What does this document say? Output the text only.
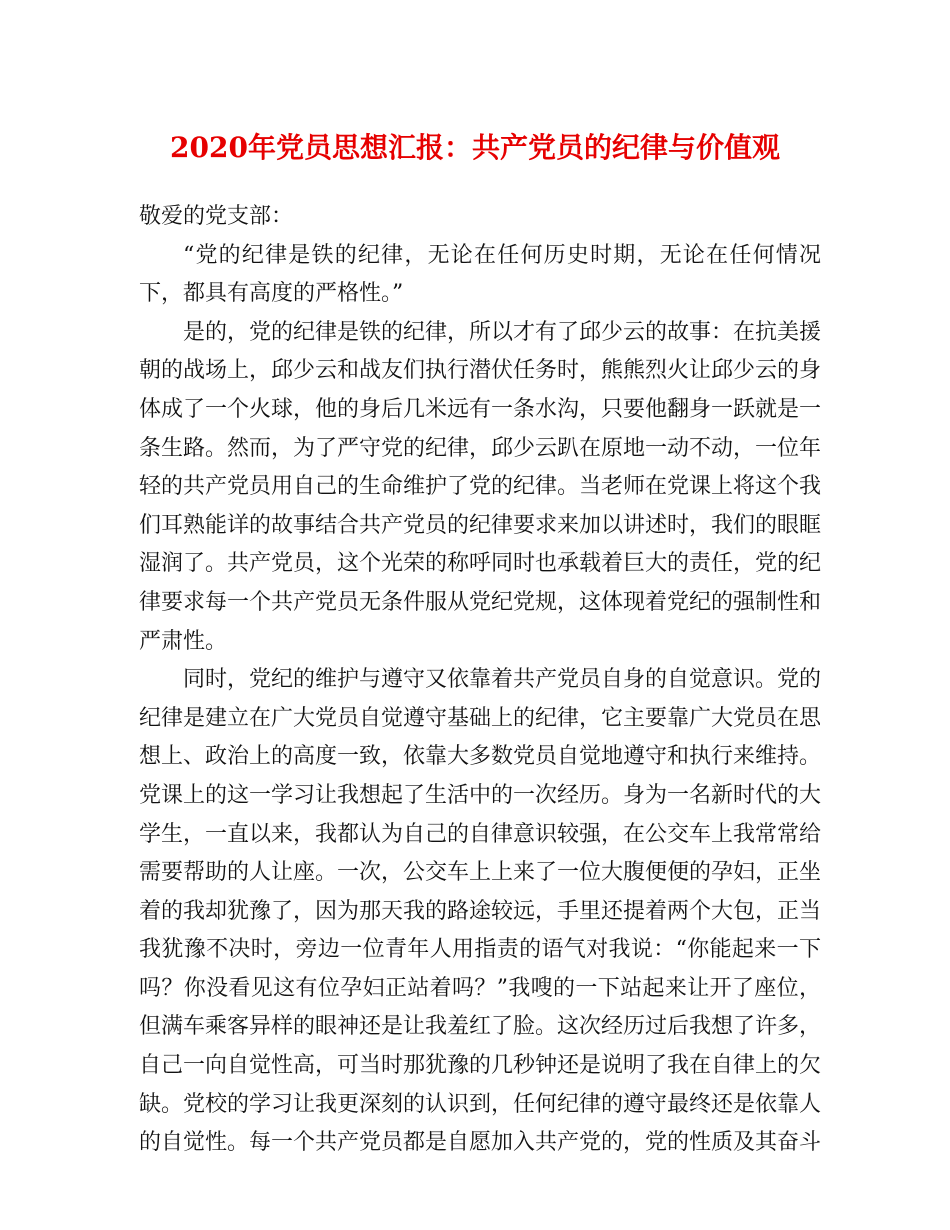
2020年党员思想汇报：共产党员的纪律与价值观

敬爱的党支部：

“党的纪律是铁的纪律，无论在任何历史时期，无论在任何情况下，都具有高度的严格性。”

是的，党的纪律是铁的纪律，所以才有了邱少云的故事：在抗美援朝的战场上，邱少云和战友们执行潜伏任务时，熊熊烈火让邱少云的身体成了一个火球，他的身后几米远有一条水沟，只要他翻身一跃就是一条生路。然而，为了严守党的纪律，邱少云趴在原地一动不动，一位年轻的共产党员用自己的生命维护了党的纪律。当老师在党课上将这个我们耳熟能详的故事结合共产党员的纪律要求来加以讲述时，我们的眼眶湿润了。共产党员，这个光荣的称呼同时也承载着巨大的责任，党的纪律要求每一个共产党员无条件服从党纪党规，这体现着党纪的强制性和严肃性。

同时，党纪的维护与遵守又依靠着共产党员自身的自觉意识。党的纪律是建立在广大党员自觉遵守基础上的纪律，它主要靠广大党员在思想上、政治上的高度一致，依靠大多数党员自觉地遵守和执行来维持。党课上的这一学习让我想起了生活中的一次经历。身为一名新时代的大学生，一直以来，我都认为自己的自律意识较强，在公交车上我常常给需要帮助的人让座。一次，公交车上上来了一位大腹便便的孕妇，正坐着的我却犹豫了，因为那天我的路途较远，手里还提着两个大包，正当我犹豫不决时，旁边一位青年人用指责的语气对我说：“你能起来一下吗？你没看见这有位孕妇正站着吗？”我嗖的一下站起来让开了座位，但满车乘客异样的眼神还是让我羞红了脸。这次经历过后我想了许多，自己一向自觉性高，可当时那犹豫的几秒钟还是说明了我在自律上的欠缺。党校的学习让我更深刻的认识到，任何纪律的遵守最终还是依靠人的自觉性。每一个共产党员都是自愿加入共产党的，党的性质及其奋斗
